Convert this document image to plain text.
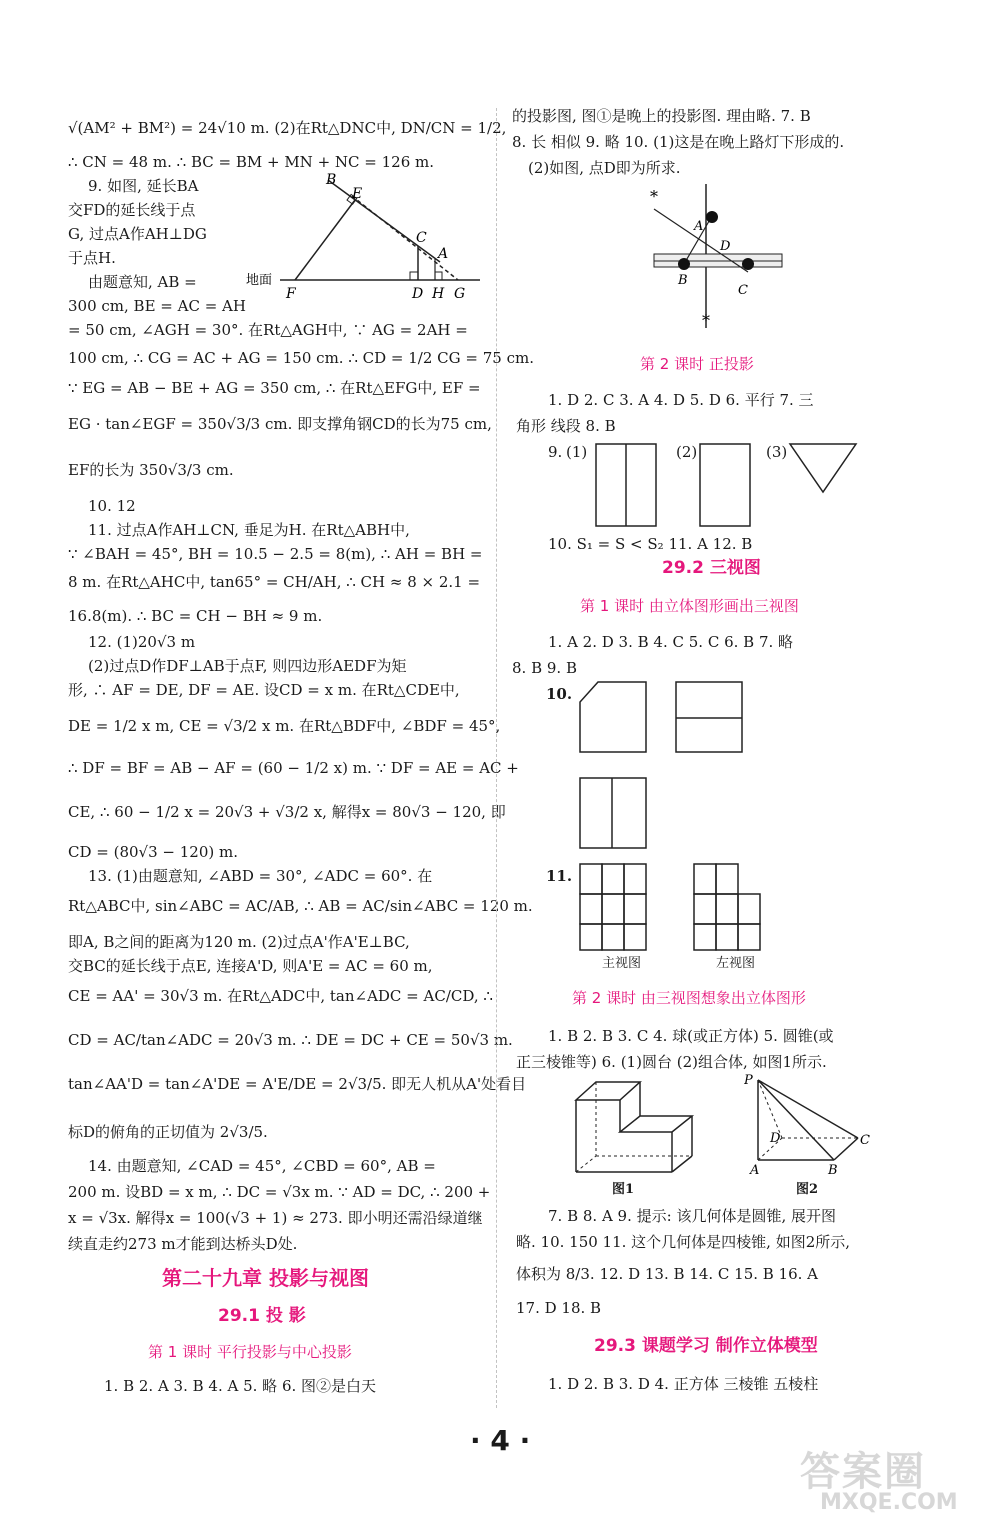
√(AM² + BM²) = 24√10 m. (2)在Rt△DNC中, DN/CN = 1/2,
∴ CN = 48 m. ∴ BC = BM + MN + NC = 126 m.
9. 如图, 延长BA
交FD的延长线于点
G, 过点A作AH⊥DG
于点H.
由题意知, AB =
300 cm, BE = AC = AH
= 50 cm, ∠AGH = 30°. 在Rt△AGH中, ∵ AG = 2AH =
100 cm, ∴ CG = AC + AG = 150 cm. ∴ CD = 1/2 CG = 75 cm.
∵ EG = AB − BE + AG = 350 cm, ∴ 在Rt△EFG中, EF =
EG · tan∠EGF = 350√3/3 cm. 即支撑角钢CD的长为75 cm,
EF的长为 350√3/3 cm.
10. 12
11. 过点A作AH⊥CN, 垂足为H. 在Rt△ABH中,
∵ ∠BAH = 45°, BH = 10.5 − 2.5 = 8(m), ∴ AH = BH =
8 m. 在Rt△AHC中, tan65° = CH/AH, ∴ CH ≈ 8 × 2.1 =
16.8(m). ∴ BC = CH − BH ≈ 9 m.
12. (1)20√3 m
(2)过点D作DF⊥AB于点F, 则四边形AEDF为矩
形, ∴ AF = DE, DF = AE. 设CD = x m. 在Rt△CDE中,
DE = 1/2 x m, CE = √3/2 x m. 在Rt△BDF中, ∠BDF = 45°,
∴ DF = BF = AB − AF = (60 − 1/2 x) m. ∵ DF = AE = AC +
CE, ∴ 60 − 1/2 x = 20√3 + √3/2 x, 解得x = 80√3 − 120, 即
CD = (80√3 − 120) m.
13. (1)由题意知, ∠ABD = 30°, ∠ADC = 60°. 在
Rt△ABC中, sin∠ABC = AC/AB, ∴ AB = AC/sin∠ABC = 120 m.
即A, B之间的距离为120 m. (2)过点A'作A'E⊥BC,
交BC的延长线于点E, 连接A'D, 则A'E = AC = 60 m,
CE = AA' = 30√3 m. 在Rt△ADC中, tan∠ADC = AC/CD, ∴
CD = AC/tan∠ADC = 20√3 m. ∴ DE = DC + CE = 50√3 m.
tan∠AA'D = tan∠A'DE = A'E/DE = 2√3/5. 即无人机从A'处看目
标D的俯角的正切值为 2√3/5.
14. 由题意知, ∠CAD = 45°, ∠CBD = 60°, AB =
200 m. 设BD = x m, ∴ DC = √3x m. ∵ AD = DC, ∴ 200 +
x = √3x. 解得x = 100(√3 + 1) ≈ 273. 即小明还需沿绿道继
续直走约273 m才能到达桥头D处.
第二十九章 投影与视图
29.1 投 影
第 1 课时 平行投影与中心投影
1. B 2. A 3. B 4. A 5. 略 6. 图②是白天
B
E
C
A
地面
F	D H G
的投影图, 图①是晚上的投影图. 理由略. 7. B
8. 长 相似 9. 略 10. (1)这是在晚上路灯下形成的.
(2)如图, 点D即为所求.
*
*
A
D
B
C
第 2 课时 正投影
1. D 2. C 3. A 4. D 5. D 6. 平行 7. 三
角形 线段 8. B
9. (1)	(2)	(3)
10. S₁ = S < S₂ 11. A 12. B
29.2 三视图
第 1 课时 由立体图形画出三视图
1. A 2. D 3. B 4. C 5. C 6. B 7. 略
8. B 9. B
10.
11.
主视图	左视图
第 2 课时 由三视图想象出立体图形
1. B 2. B 3. C 4. 球(或正方体) 5. 圆锥(或
正三棱锥等) 6. (1)圆台 (2)组合体, 如图1所示.
P
D	C
A	B
图1	图2
7. B 8. A 9. 提示: 该几何体是圆锥, 展开图
略. 10. 150 11. 这个几何体是四棱锥, 如图2所示,
体积为 8/3. 12. D 13. B 14. C 15. B 16. A
17. D 18. B
29.3 课题学习 制作立体模型
1. D 2. B 3. D 4. 正方体 三棱锥 五棱柱
· 4 ·
答案圈
MXQE.COM
